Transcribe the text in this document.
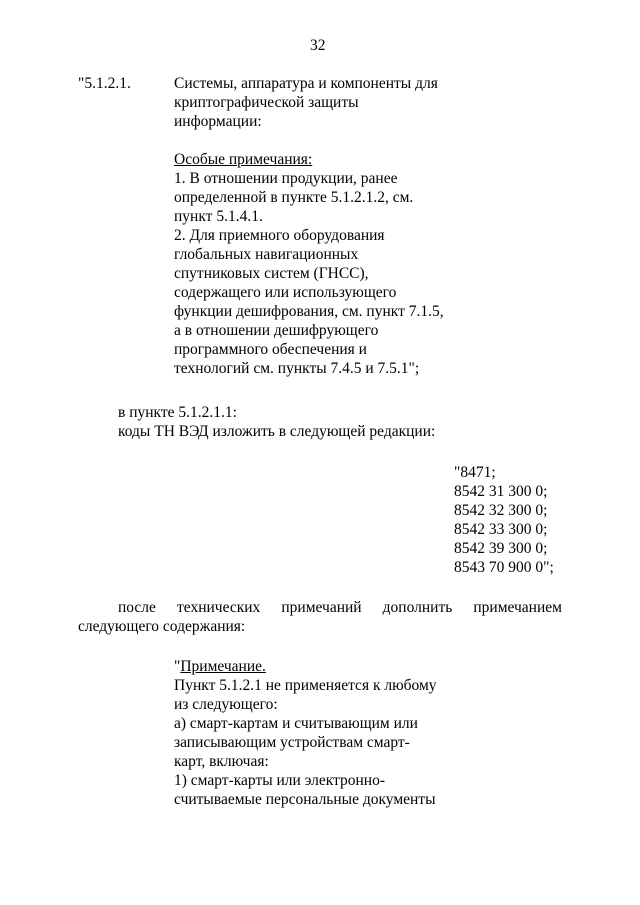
32
"5.1.2.1.	Системы, аппаратура и компоненты для
криптографической защиты
информации:
Особые примечания:
1. В отношении продукции, ранее
определенной в пункте 5.1.2.1.2, см.
пункт 5.1.4.1.
2. Для приемного оборудования
глобальных навигационных
спутниковых систем (ГНСС),
содержащего или использующего
функции дешифрования, см. пункт 7.1.5,
а в отношении дешифрующего
программного обеспечения и
технологий см. пункты 7.4.5 и 7.5.1";
в пункте 5.1.2.1.1:
коды ТН ВЭД изложить в следующей редакции:
"8471;
8542 31 300 0;
8542 32 300 0;
8542 33 300 0;
8542 39 300 0;
8543 70 900 0";
после технических примечаний дополнить примечанием
следующего содержания:
"Примечание.
Пункт 5.1.2.1 не применяется к любому
из следующего:
а) смарт-картам и считывающим или
записывающим устройствам смарт-
карт, включая:
1) смарт-карты или электронно-
считываемые персональные документы
